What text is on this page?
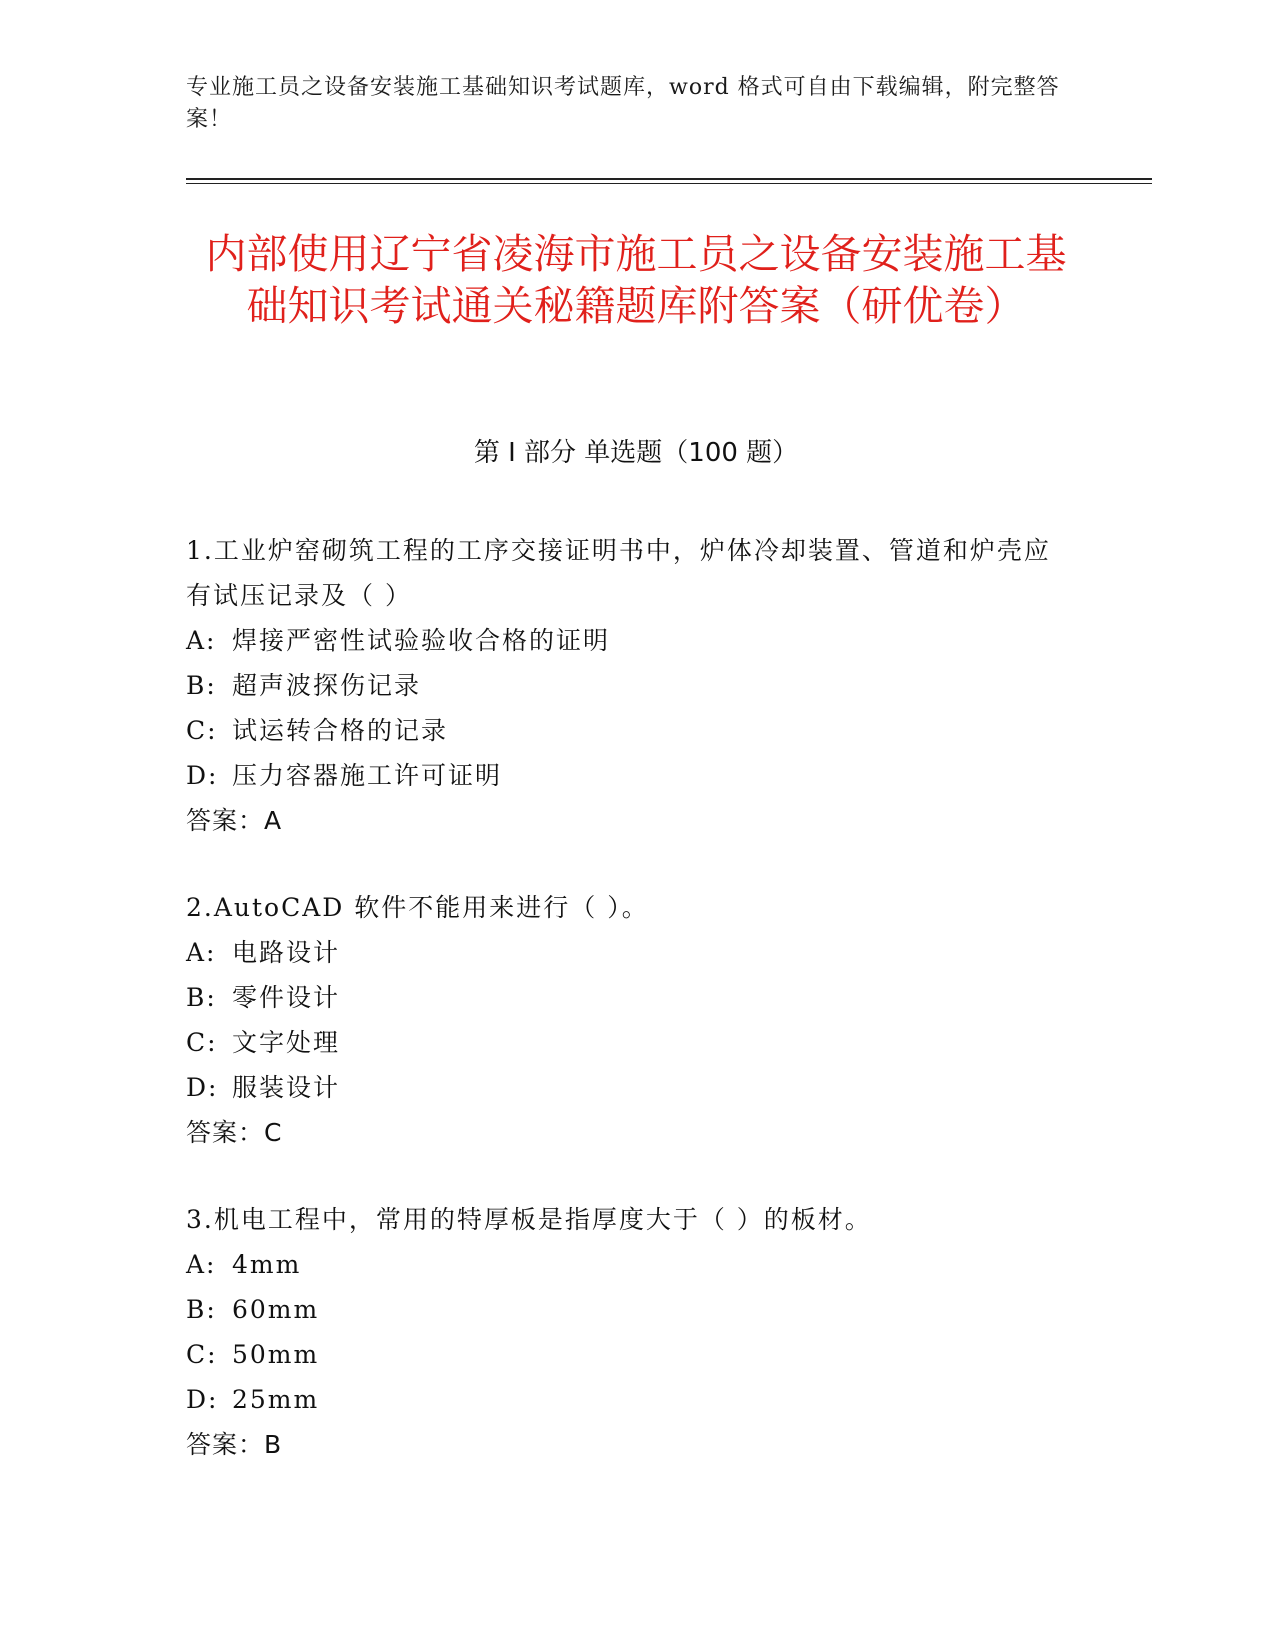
专业施工员之设备安装施工基础知识考试题库，word 格式可自由下载编辑，附完整答案！
内部使用辽宁省凌海市施工员之设备安装施工基础知识考试通关秘籍题库附答案（研优卷）
第 I 部分 单选题（100 题）
1.工业炉窑砌筑工程的工序交接证明书中，炉体冷却装置、管道和炉壳应有试压记录及（ ）
A: 焊接严密性试验验收合格的证明
B: 超声波探伤记录
C: 试运转合格的记录
D: 压力容器施工许可证明
答案：A
2.AutoCAD 软件不能用来进行（ ）。
A: 电路设计
B: 零件设计
C: 文字处理
D: 服装设计
答案：C
3.机电工程中，常用的特厚板是指厚度大于（ ）的板材。
A: 4mm
B: 60mm
C: 50mm
D: 25mm
答案：B
